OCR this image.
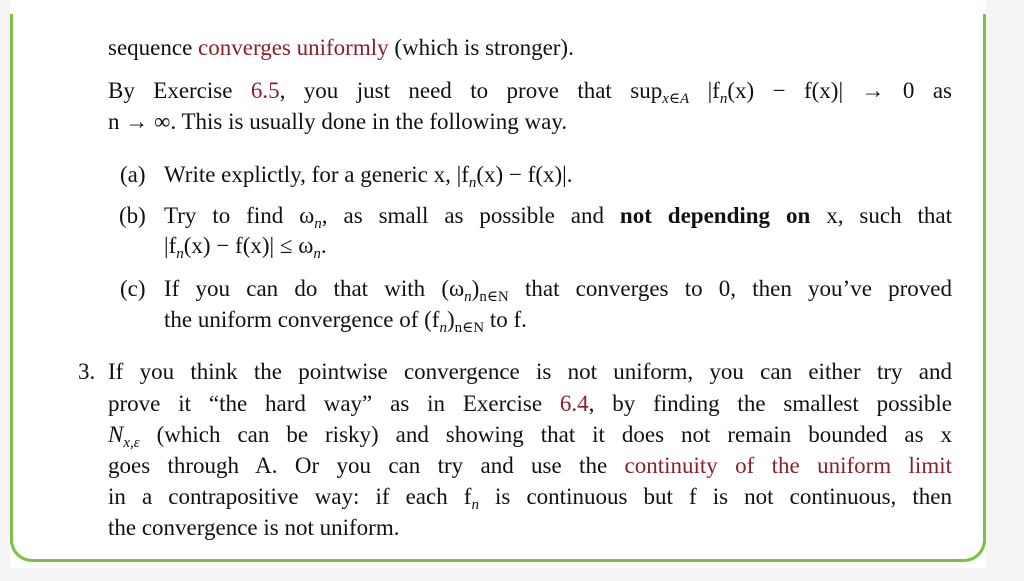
sequence converges uniformly (which is stronger).
By Exercise 6.5, you just need to prove that sup$_{x\in A}$ $|f_n(x) - f(x)| \to 0$ as
n → ∞. This is usually done in the following way.
(a) Write explictly, for a generic x, $|f_n(x) - f(x)|$.
(b) Try to find $\omega_n$, as small as possible and not depending on x, such that
$|f_n(x) - f(x)| \le \omega_n$.
(c) If you can do that with $(\omega_n)_{n\in N}$ that converges to 0, then you’ve proved
the uniform convergence of $(f_n)_{n\in N}$ to f.
3. If you think the pointwise convergence is not uniform, you can either try and
prove it “the hard way” as in Exercise 6.4, by finding the smallest possible
$N_{x,\varepsilon}$ (which can be risky) and showing that it does not remain bounded as x
goes through A. Or you can try and use the continuity of the uniform limit
in a contrapositive way: if each $f_n$ is continuous but f is not continuous, then
the convergence is not uniform.
